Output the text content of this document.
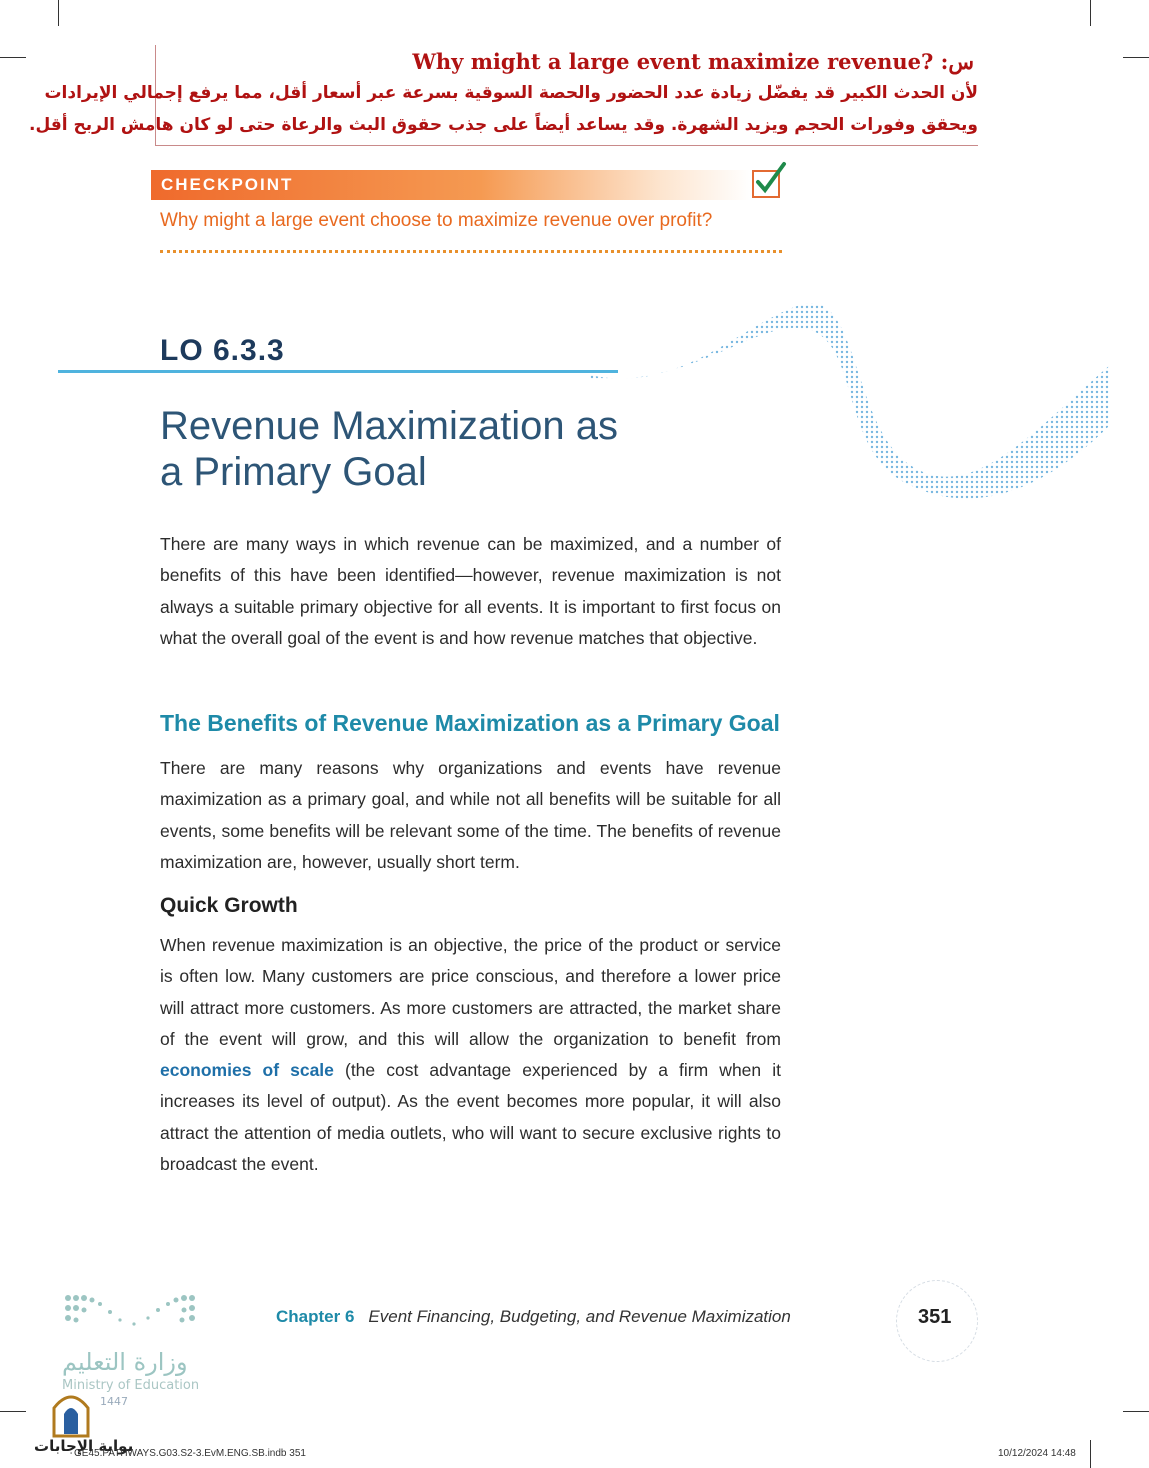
Why might a large event maximize revenue? :س
لأن الحدث الكبير قد يفضّل زيادة عدد الحضور والحصة السوقية بسرعة عبر أسعار أقل، مما يرفع إجمالي الإيرادات
ويحقق وفورات الحجم ويزيد الشهرة. وقد يساعد أيضاً على جذب حقوق البث والرعاة حتى لو كان هامش الربح أقل.
CHECKPOINT
Why might a large event choose to maximize revenue over profit?
LO 6.3.3
Revenue Maximization as
a Primary Goal
There are many ways in which revenue can be maximized, and a number of benefits of this have been identified—however, revenue maximization is not always a suitable primary objective for all events. It is important to first focus on what the overall goal of the event is and how revenue matches that objective.
The Benefits of Revenue Maximization as a Primary Goal
There are many reasons why organizations and events have revenue maximization as a primary goal, and while not all benefits will be suitable for all events, some benefits will be relevant some of the time. The benefits of revenue maximization are, however, usually short term.
Quick Growth
When revenue maximization is an objective, the price of the product or service is often low. Many customers are price conscious, and therefore a lower price will attract more customers. As more customers are attracted, the market share of the event will grow, and this will allow the organization to benefit from economies of scale (the cost advantage experienced by a firm when it increases its level of output). As the event becomes more popular, it will also attract the attention of media outlets, who will want to secure exclusive rights to broadcast the event.
Chapter 6 Event Financing, Budgeting, and Revenue Maximization	351
وزارة التعليم
Ministry of Education
1447
بوابة الإجابات
GE45.PATHWAYS.G03.S2-3.EvM.ENG.SB.indb 351	10/12/2024 14:48
